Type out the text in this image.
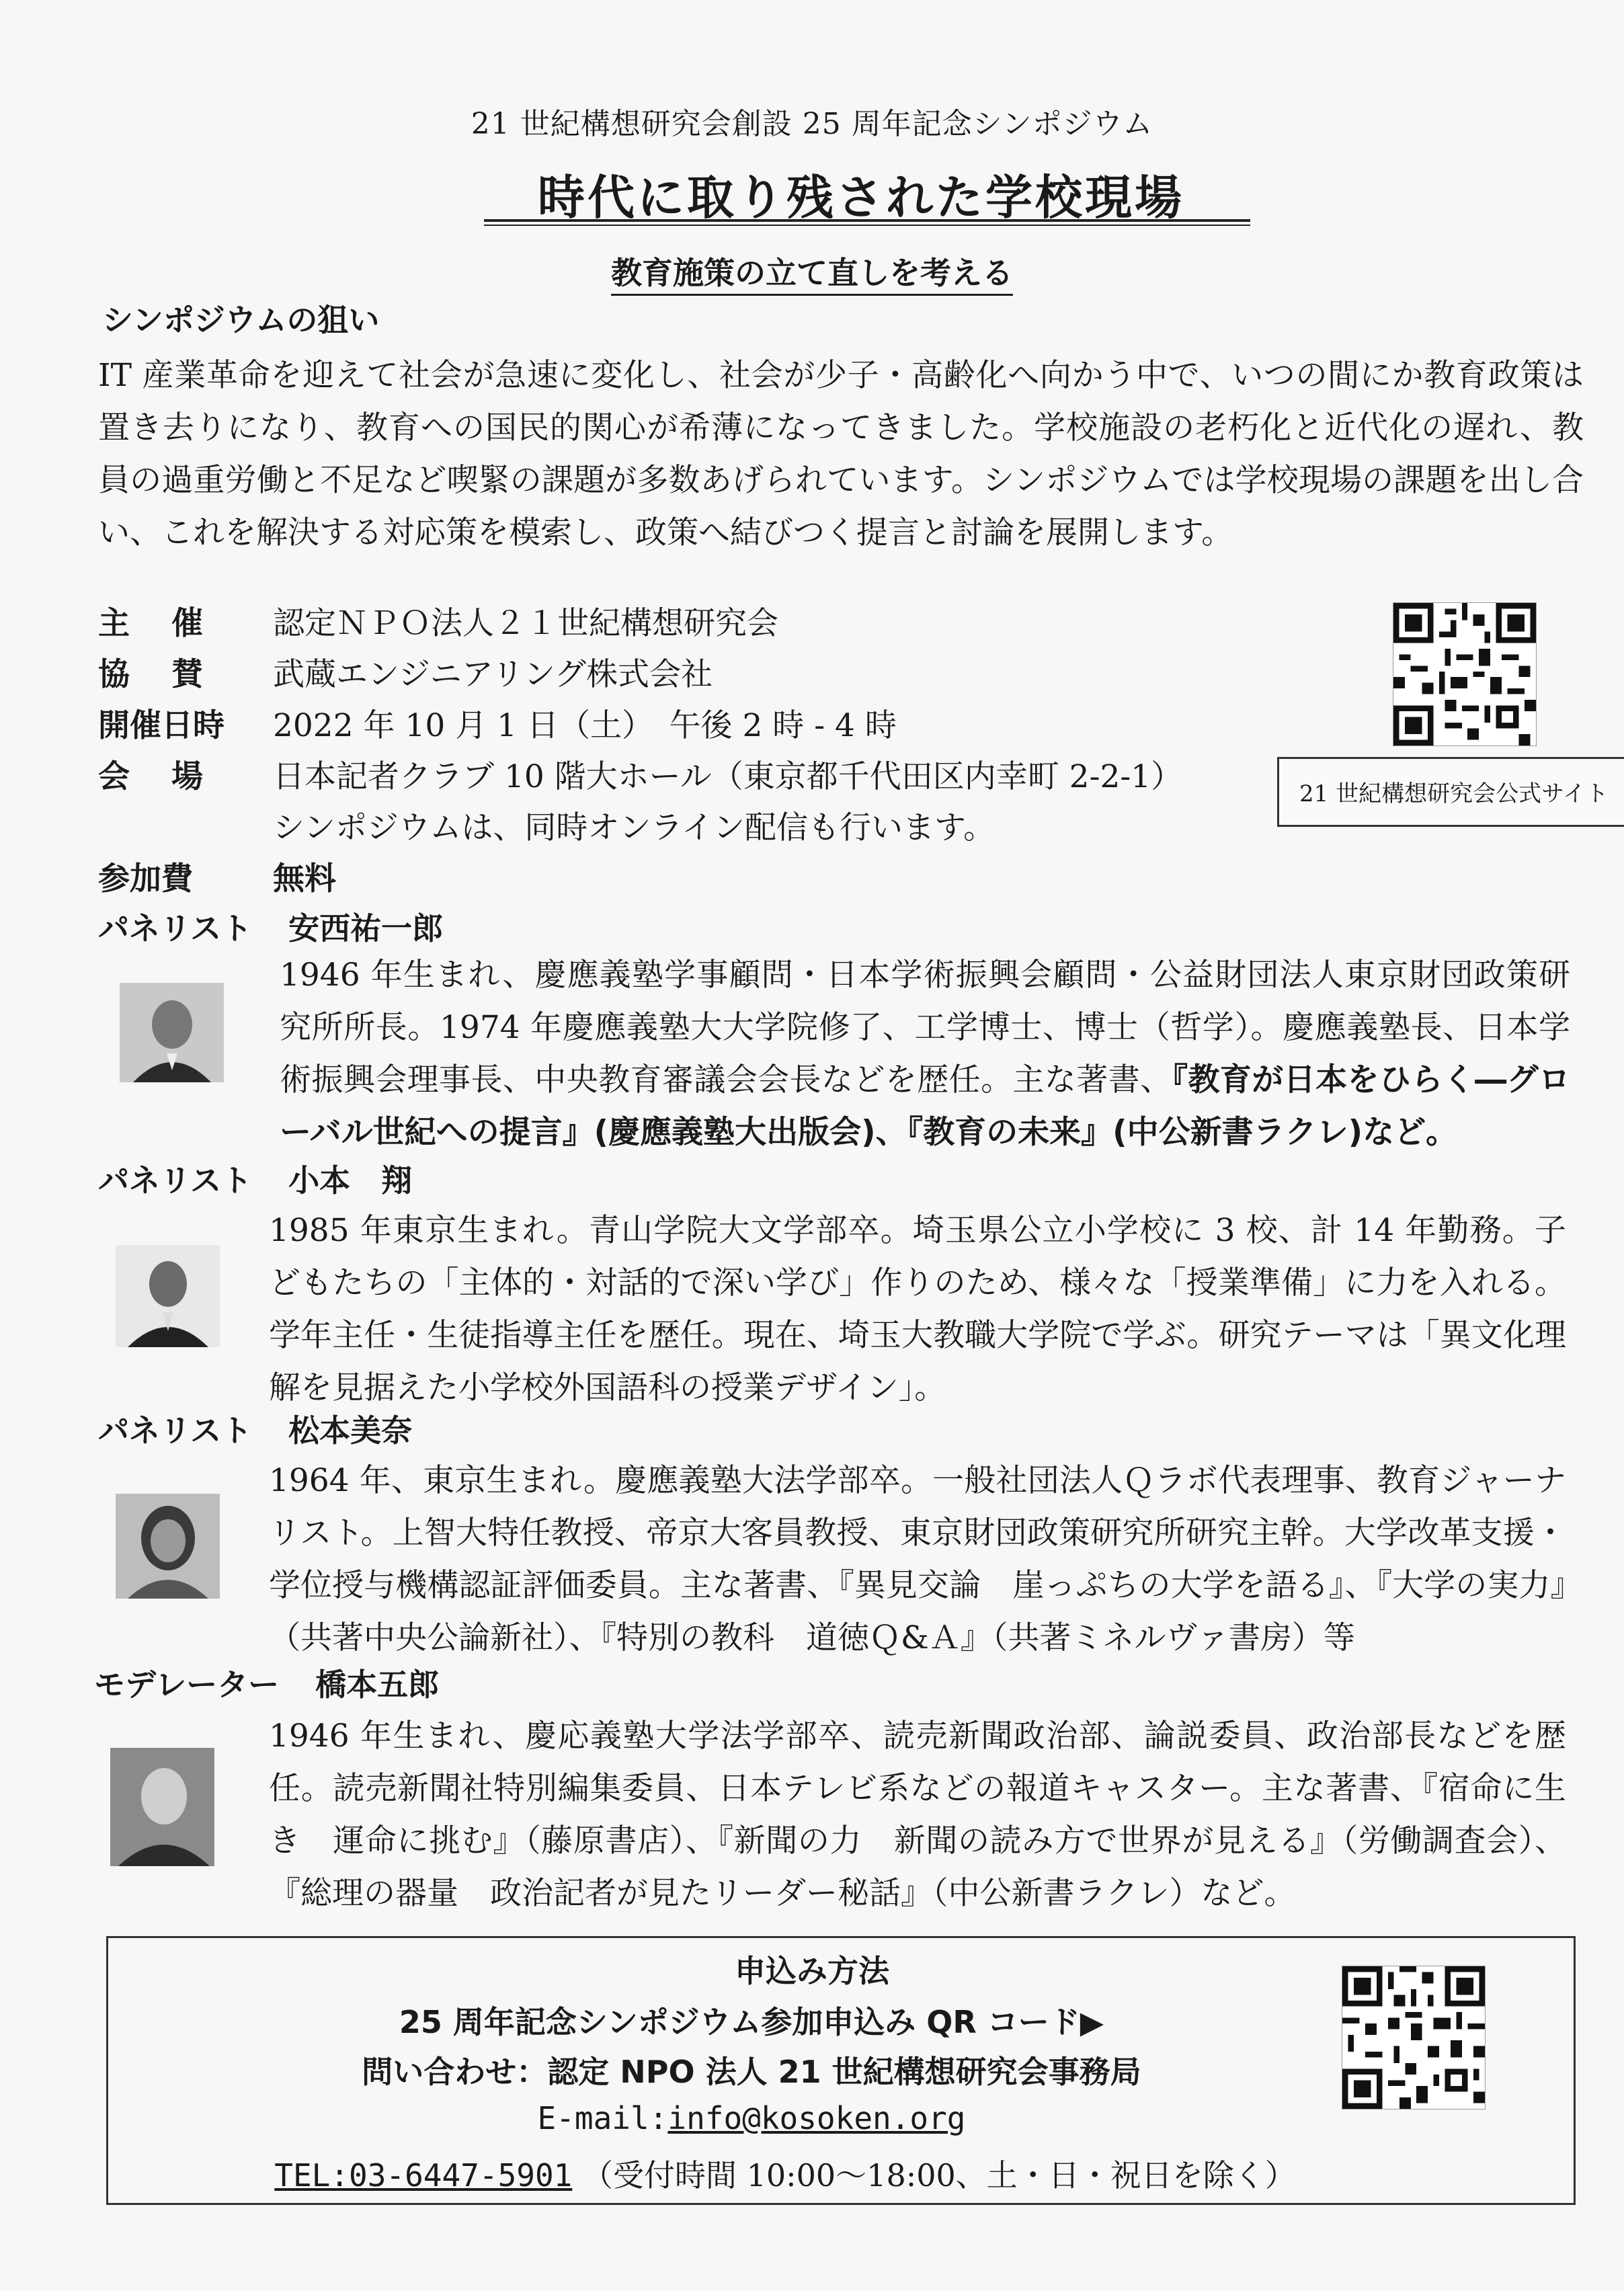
21 世紀構想研究会創設 25 周年記念シンポジウム
時代に取り残された学校現場
教育施策の立て直しを考える
シンポジウムの狙い
IT 産業革命を迎えて社会が急速に変化し、社会が少子・高齢化へ向かう中で、いつの間にか教育政策は置き去りになり、教育への国民的関心が希薄になってきました。学校施設の老朽化と近代化の遅れ、教員の過重労働と不足など喫緊の課題が多数あげられています。シンポジウムでは学校現場の課題を出し合い、これを解決する対応策を模索し、政策へ結びつく提言と討論を展開します。
主催 認定ＮＰＯ法人２１世紀構想研究会
協賛 武蔵エンジニアリング株式会社
開催日時 2022 年 10 月 1 日（土）　午後 2 時 - 4 時
会場 日本記者クラブ 10 階大ホール（東京都千代田区内幸町 2-2-1）
シンポジウムは、同時オンライン配信も行います。
参加費	無料
21 世紀構想研究会公式サイト
パネリスト 安西祐一郎
1946 年生まれ、慶應義塾学事顧問・日本学術振興会顧問・公益財団法人東京財団政策研究所所長。1974 年慶應義塾大大学院修了、工学博士、博士（哲学）。慶應義塾長、日本学術振興会理事長、中央教育審議会会長などを歴任。主な著書、『教育が日本をひらく―グローバル世紀への提言』(慶應義塾大出版会)、『教育の未来』(中公新書ラクレ)など。
パネリスト 小本　翔
1985 年東京生まれ。青山学院大文学部卒。埼玉県公立小学校に 3 校、計 14 年勤務。子どもたちの「主体的・対話的で深い学び」作りのため、様々な「授業準備」に力を入れる。学年主任・生徒指導主任を歴任。現在、埼玉大教職大学院で学ぶ。研究テーマは「異文化理解を見据えた小学校外国語科の授業デザイン」。
パネリスト 松本美奈
1964 年、東京生まれ。慶應義塾大法学部卒。一般社団法人Ｑラボ代表理事、教育ジャーナリスト。上智大特任教授、帝京大客員教授、東京財団政策研究所研究主幹。大学改革支援・学位授与機構認証評価委員。主な著書、『異見交論　崖っぷちの大学を語る』、『大学の実力』（共著中央公論新社）、『特別の教科　道徳Ｑ&Ａ』（共著ミネルヴァ書房）等
モデレーター 橋本五郎
1946 年生まれ、慶応義塾大学法学部卒、読売新聞政治部、論説委員、政治部長などを歴任。読売新聞社特別編集委員、日本テレビ系などの報道キャスター。主な著書、『宿命に生き　運命に挑む』（藤原書店）、『新聞の力　新聞の読み方で世界が見える』（労働調査会）、『総理の器量　政治記者が見たリーダー秘話』（中公新書ラクレ）など。
申込み方法
25 周年記念シンポジウム参加申込み QR コード▶
問い合わせ：認定 NPO 法人 21 世紀構想研究会事務局
E-mail:info@kosoken.org
TEL:03-6447-5901 （受付時間 10:00～18:00、土・日・祝日を除く）
